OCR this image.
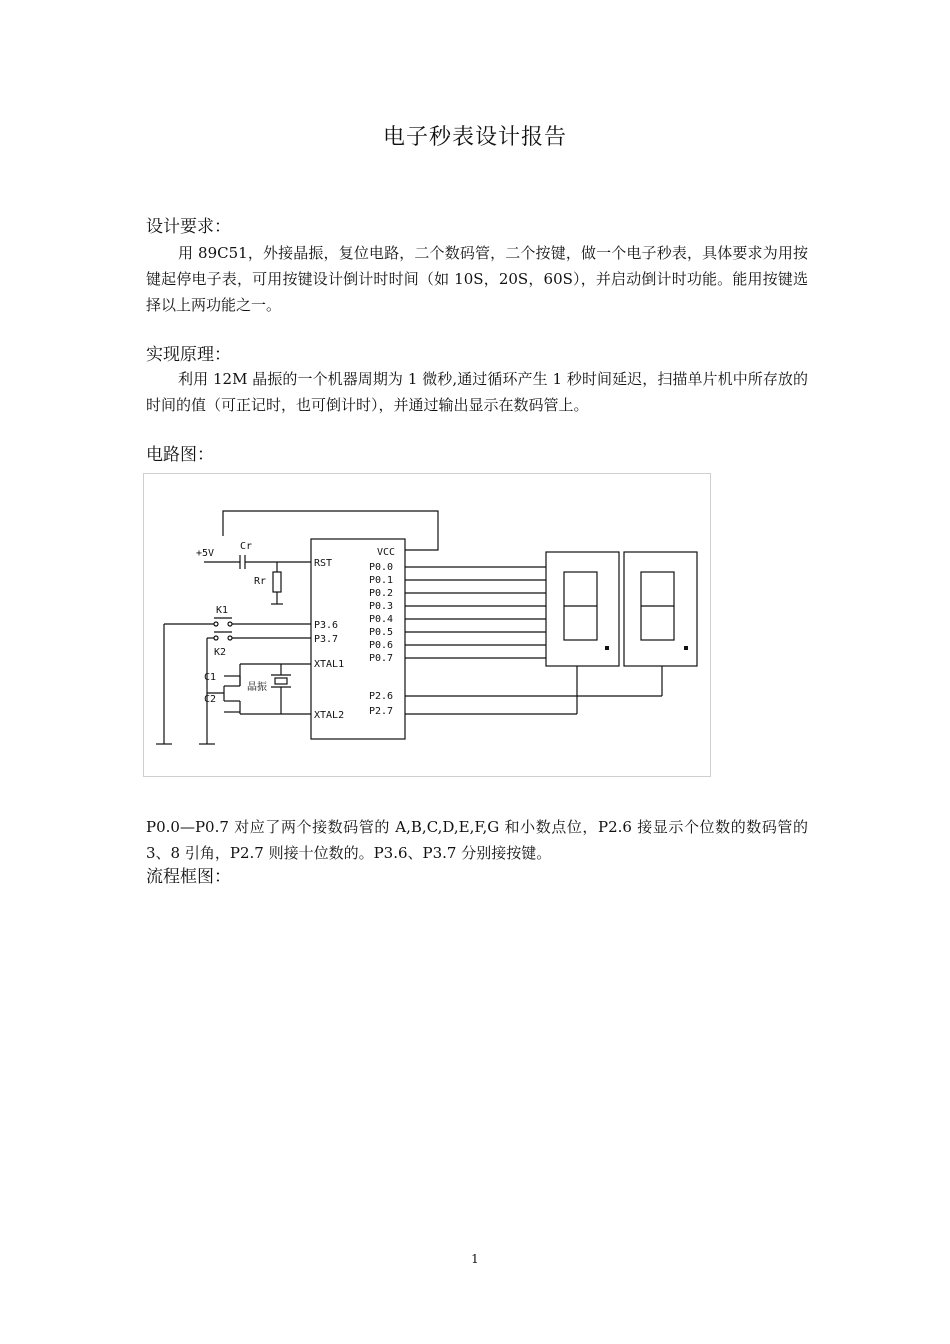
电子秒表设计报告
设计要求：
用 89C51，外接晶振，复位电路，二个数码管，二个按键，做一个电子秒表，具体要求为用按键起停电子表，可用按键设计倒计时时间（如 10S，20S，60S），并启动倒计时功能。能用按键选择以上两功能之一。
实现原理：
利用 12M 晶振的一个机器周期为 1 微秒,通过循环产生 1 秒时间延迟，扫描单片机中所存放的时间的值（可正记时，也可倒计时），并通过输出显示在数码管上。
电路图：
+5V
Cr
Rr
K1
K2
C1
C2
晶振
RST
P3.6
P3.7
XTAL1
XTAL2
VCC
P0.0
P0.1
P0.2
P0.3
P0.4
P0.5
P0.6
P0.7
P2.6
P2.7
P0.0—P0.7 对应了两个接数码管的 A,B,C,D,E,F,G 和小数点位，P2.6 接显示个位数的数码管的 3、8 引角，P2.7 则接十位数的。P3.6、P3.7 分别接按键。
流程框图：
1
